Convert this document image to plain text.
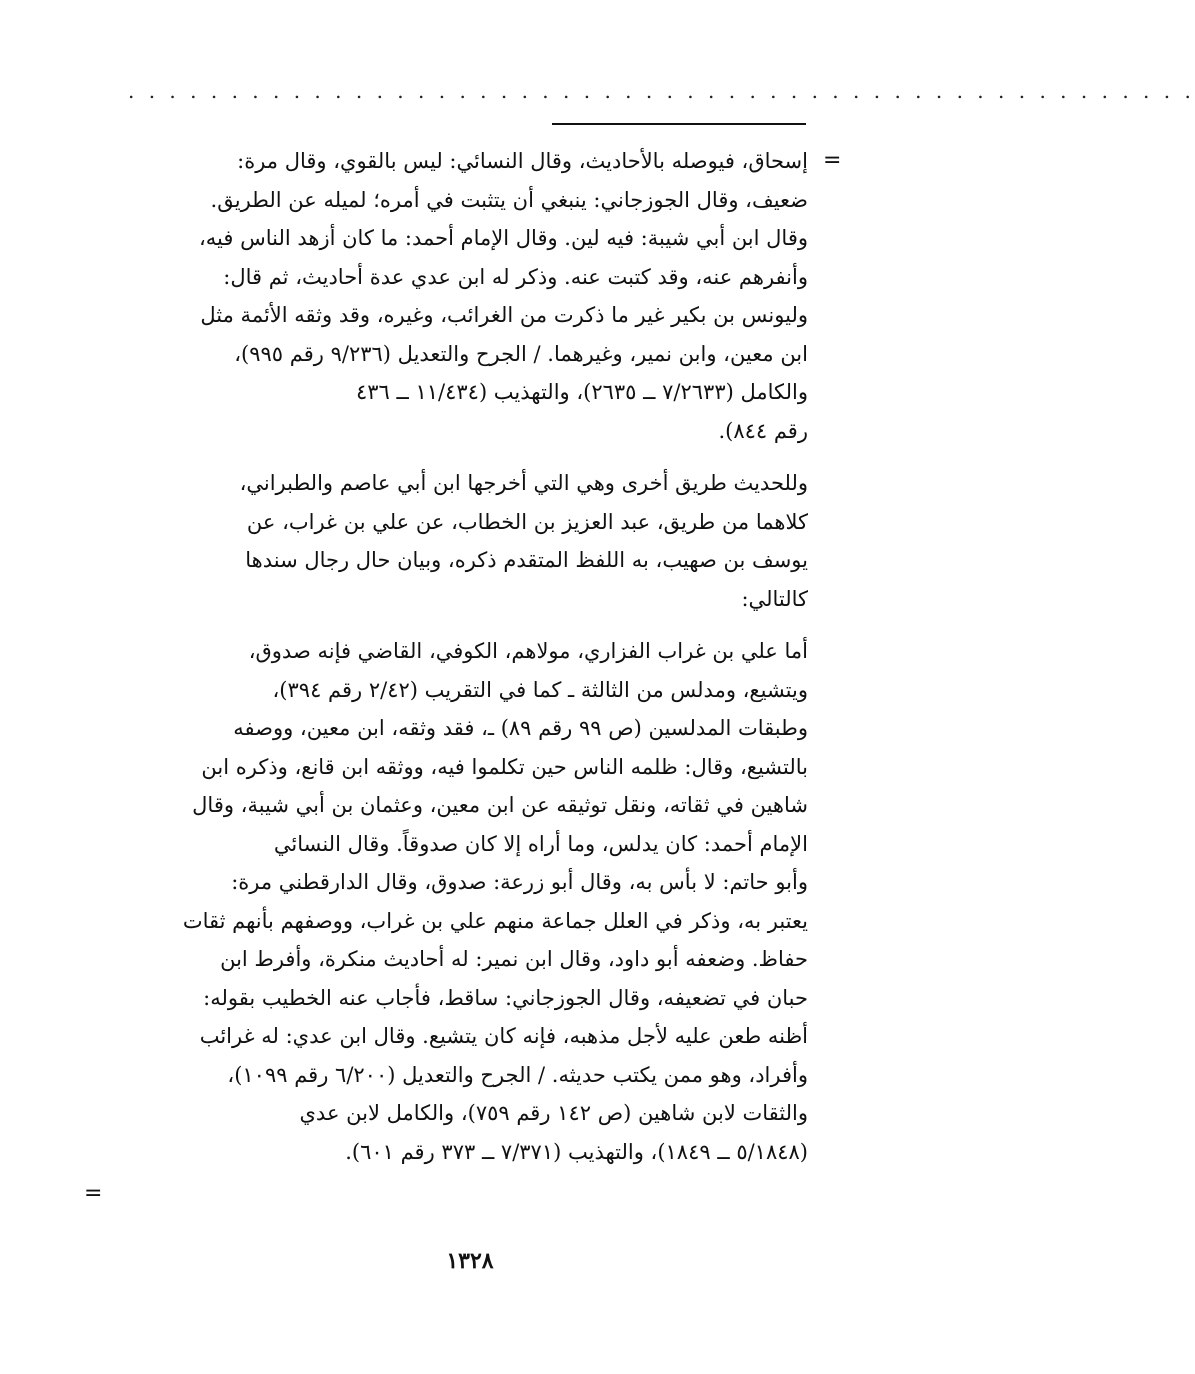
. . . . . . . . . . . . . . . . . . . . . . . . . . . . . . . . . . . . . . . . . . . . . . . . . . . .
=
إسحاق، فيوصله بالأحاديث، وقال النسائي: ليس بالقوي، وقال مرة:
ضعيف، وقال الجوزجاني: ينبغي أن يتثبت في أمره؛ لميله عن الطريق.
وقال ابن أبي شيبة: فيه لين. وقال الإمام أحمد: ما كان أزهد الناس فيه،
وأنفرهم عنه، وقد كتبت عنه. وذكر له ابن عدي عدة أحاديث، ثم قال:
وليونس بن بكير غير ما ذكرت من الغرائب، وغيره، وقد وثقه الأئمة مثل
ابن معين، وابن نمير، وغيرهما. / الجرح والتعديل (٩/٢٣٦ رقم ٩٩٥)،
والكامل (٧/٢٦٣٣ ــ ٢٦٣٥)، والتهذيب (١١/٤٣٤ ــ ٤٣٦
رقم ٨٤٤).
وللحديث طريق أخرى وهي التي أخرجها ابن أبي عاصم والطبراني،
كلاهما من طريق، عبد العزيز بن الخطاب، عن علي بن غراب، عن
يوسف بن صهيب، به اللفظ المتقدم ذكره، وبيان حال رجال سندها
كالتالي:
أما علي بن غراب الفزاري، مولاهم، الكوفي، القاضي فإنه صدوق،
ويتشيع، ومدلس من الثالثة ـ كما في التقريب (٢/٤٢ رقم ٣٩٤)،
وطبقات المدلسين (ص ٩٩ رقم ٨٩) ـ، فقد وثقه، ابن معين، ووصفه
بالتشيع، وقال: ظلمه الناس حين تكلموا فيه، ووثقه ابن قانع، وذكره ابن
شاهين في ثقاته، ونقل توثيقه عن ابن معين، وعثمان بن أبي شيبة، وقال
الإمام أحمد: كان يدلس، وما أراه إلا كان صدوقاً. وقال النسائي
وأبو حاتم: لا بأس به، وقال أبو زرعة: صدوق، وقال الدارقطني مرة:
يعتبر به، وذكر في العلل جماعة منهم علي بن غراب، ووصفهم بأنهم ثقات
حفاظ. وضعفه أبو داود، وقال ابن نمير: له أحاديث منكرة، وأفرط ابن
حبان في تضعيفه، وقال الجوزجاني: ساقط، فأجاب عنه الخطيب بقوله:
أظنه طعن عليه لأجل مذهبه، فإنه كان يتشيع. وقال ابن عدي: له غرائب
وأفراد، وهو ممن يكتب حديثه. / الجرح والتعديل (٦/٢٠٠ رقم ١٠٩٩)،
والثقات لابن شاهين (ص ١٤٢ رقم ٧٥٩)، والكامل لابن عدي
(٥/١٨٤٨ ــ ١٨٤٩)، والتهذيب (٧/٣٧١ ــ ٣٧٣ رقم ٦٠١).
=
١٣٢٨
